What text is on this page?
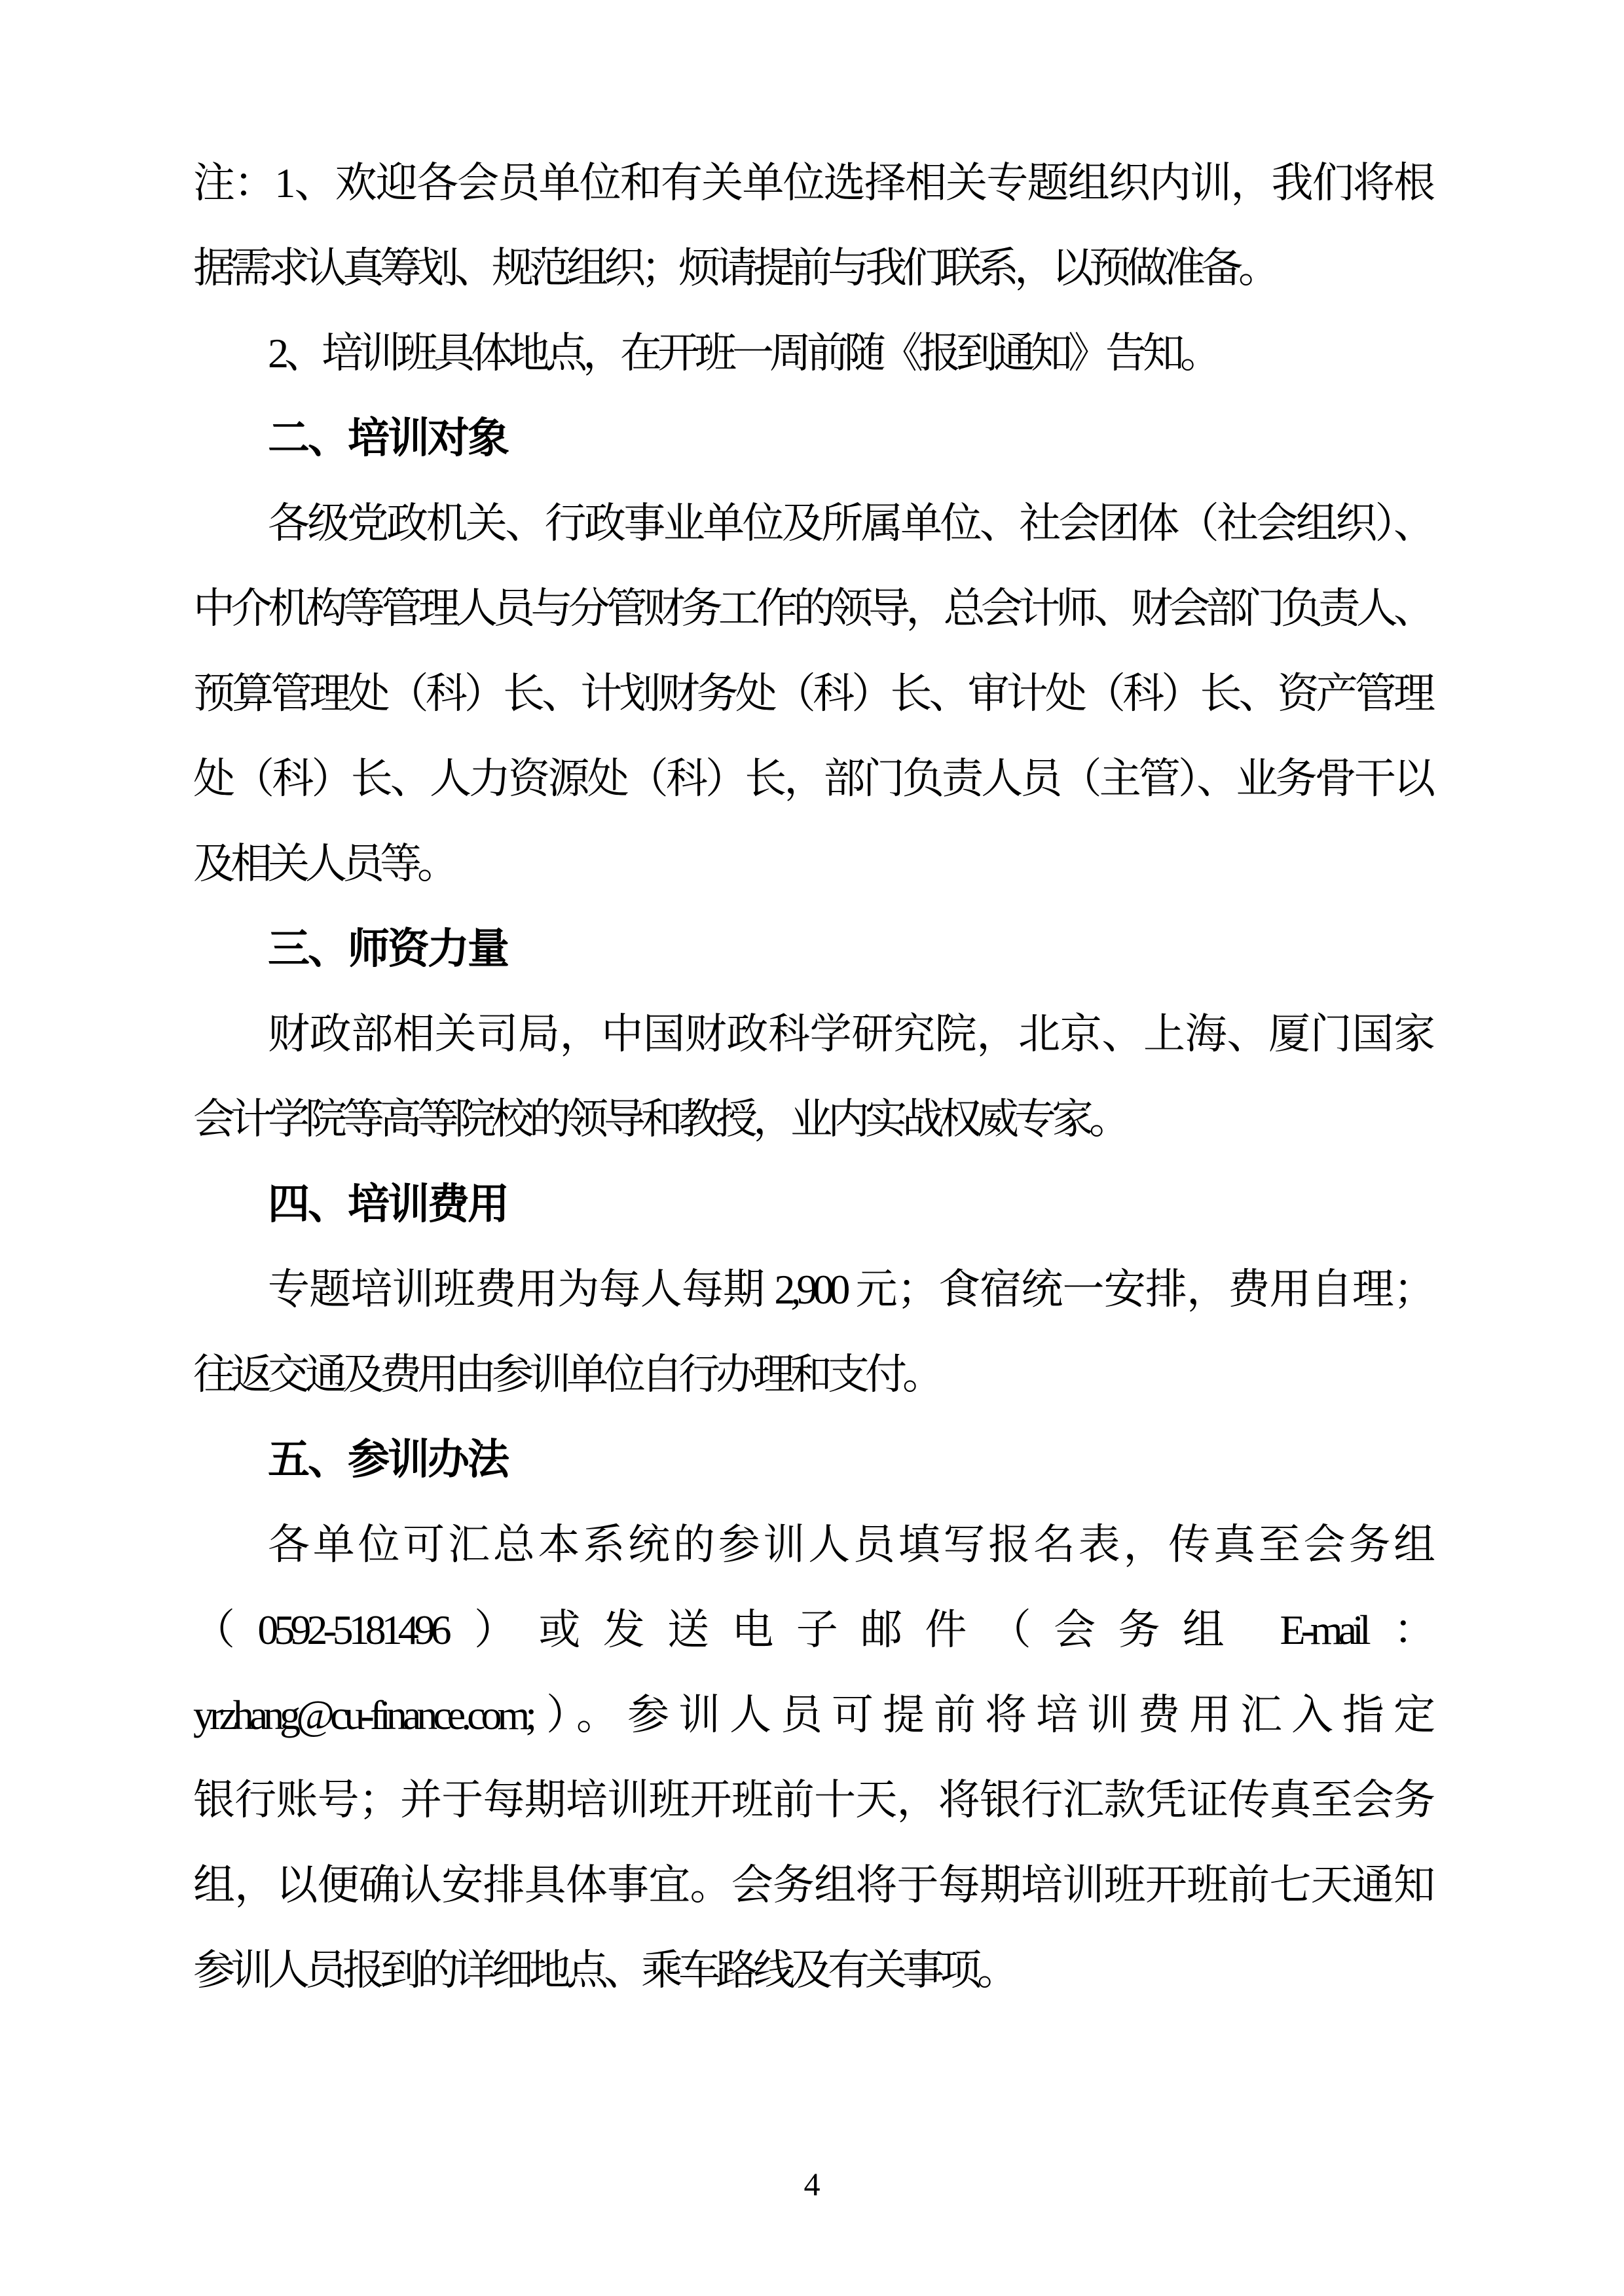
注：1、欢迎各会员单位和有关单位选择相关专题组织内训，我们将根
据需求认真筹划、规范组织；烦请提前与我们联系，以预做准备。
2、培训班具体地点，在开班一周前随《报到通知》告知。
二、培训对象
各级党政机关、行政事业单位及所属单位、社会团体（社会组织）、
中介机构等管理人员与分管财务工作的领导，总会计师、财会部门负责人、
预算管理处（科）长、计划财务处（科）长、审计处（科）长、资产管理
处（科）长、人力资源处（科）长，部门负责人员（主管）、业务骨干以
及相关人员等。
三、师资力量
财政部相关司局，中国财政科学研究院，北京、上海、厦门国家
会计学院等高等院校的领导和教授，业内实战权威专家。
四、培训费用
专题培训班费用为每人每期 2,900 元；食宿统一安排，费用自理；
往返交通及费用由参训单位自行办理和支付。
五、参训办法
各单位可汇总本系统的参训人员填写报名表，传真至会务组
（0592-5181496）或发送电子邮件（会务组 E-mail：
yrzhang@cu-finance.com;）。参训人员可提前将培训费用汇入指定
银行账号；并于每期培训班开班前十天，将银行汇款凭证传真至会务
组，以便确认安排具体事宜。会务组将于每期培训班开班前七天通知
参训人员报到的详细地点、乘车路线及有关事项。
4
